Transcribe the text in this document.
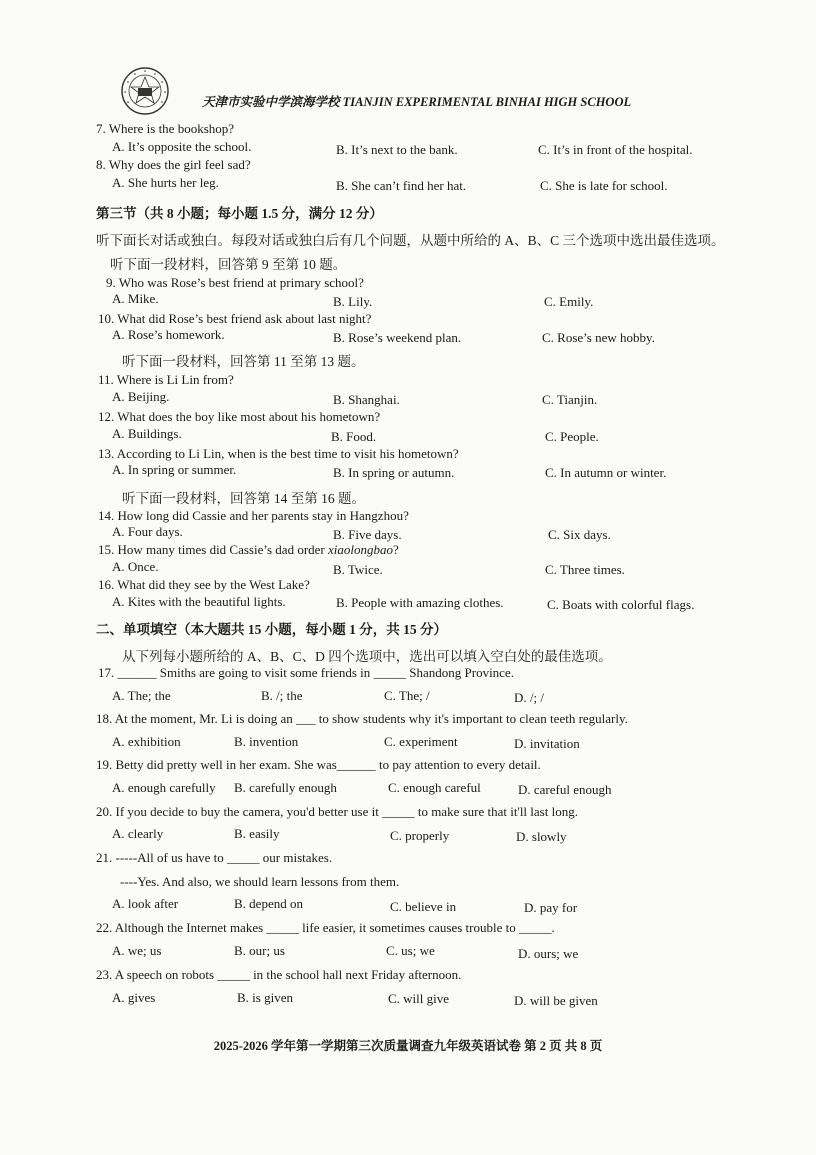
天津市实验中学滨海学校 TIANJIN EXPERIMENTAL BINHAI HIGH SCHOOL
7. Where is the bookshop?
A. It’s opposite the school.	B. It’s next to the bank.	C. It’s in front of the hospital.
8. Why does the girl feel sad?
A. She hurts her leg.	B. She can’t find her hat.	C. She is late for school.
第三节（共 8 小题；每小题 1.5 分，满分 12 分）
听下面长对话或独白。每段对话或独白后有几个问题，从题中所给的 A、B、C 三个选项中选出最佳选项。
听下面一段材料，回答第 9 至第 10 题。
9. Who was Rose’s best friend at primary school?
A. Mike.	B. Lily.	C. Emily.
10. What did Rose’s best friend ask about last night?
A. Rose’s homework.	B. Rose’s weekend plan.	C. Rose’s new hobby.
听下面一段材料，回答第 11 至第 13 题。
11. Where is Li Lin from?
A. Beijing.	B. Shanghai.	C. Tianjin.
12. What does the boy like most about his hometown?
A. Buildings.	B. Food.	C. People.
13. According to Li Lin, when is the best time to visit his hometown?
A. In spring or summer.	B. In spring or autumn.	C. In autumn or winter.
听下面一段材料，回答第 14 至第 16 题。
14. How long did Cassie and her parents stay in Hangzhou?
A. Four days.	B. Five days.	C. Six days.
15. How many times did Cassie’s dad order xiaolongbao?
A. Once.	B. Twice.	C. Three times.
16. What did they see by the West Lake?
A. Kites with the beautiful lights.	B. People with amazing clothes.	C. Boats with colorful flags.
二、单项填空（本大题共 15 小题，每小题 1 分，共 15 分）
从下列每小题所给的 A、B、C、D 四个选项中，选出可以填入空白处的最佳选项。
17. ______ Smiths are going to visit some friends in _____ Shandong Province.
A. The; the	B. /; the	C. The; /	D. /; /
18. At the moment, Mr. Li is doing an ___ to show students why it's important to clean teeth regularly.
A. exhibition	B. invention	C. experiment	D. invitation
19. Betty did pretty well in her exam. She was______ to pay attention to every detail.
A. enough carefully B. carefully enough	C. enough careful	D. careful enough
20. If you decide to buy the camera, you'd better use it _____ to make sure that it'll last long.
A. clearly	B. easily	C. properly	D. slowly
21. -----All of us have to _____ our mistakes.
----Yes. And also, we should learn lessons from them.
A. look after	B. depend on	C. believe in	D. pay for
22. Although the Internet makes _____ life easier, it sometimes causes trouble to _____.
A. we; us	B. our; us	C. us; we	D. ours; we
23. A speech on robots _____ in the school hall next Friday afternoon.
A. gives	B. is given	C. will give	D. will be given
2025-2026 学年第一学期第三次质量调查九年级英语试卷 第 2 页 共 8 页
